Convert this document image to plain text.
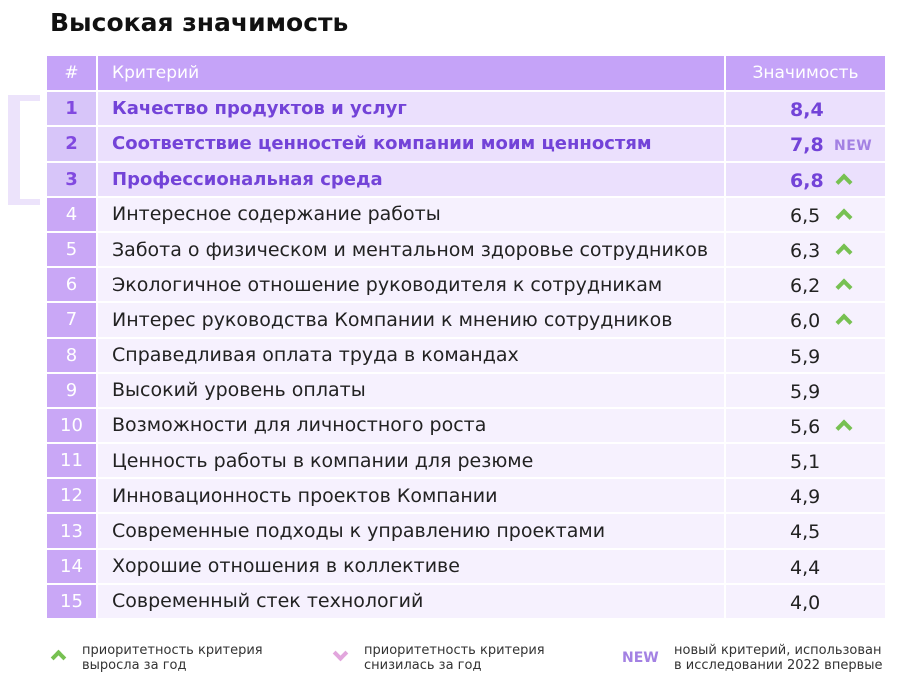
Высокая значимость
#	Критерий	Значимость
1	Качество продуктов и услуг	8,4

2	Соответствие ценностей компании моим ценностям	7,8 NEW

3	Профессиональная среда	6,8

4	Интересное содержание работы	6,5

5	Забота о физическом и ментальном здоровье сотрудников	6,3

6	Экологичное отношение руководителя к сотрудникам	6,2

7	Интерес руководства Компании к мнению сотрудников	6,0

8	Справедливая оплата труда в командах	5,9

9	Высокий уровень оплаты	5,9

10	Возможности для личностного роста	5,6

11	Ценность работы в компании для резюме	5,1

12	Инновационность проектов Компании	4,9

13	Современные подходы к управлению проектами	4,5

14	Хорошие отношения в коллективе	4,4

15	Современный стек технологий	4,0
приоритетность критерия
выросла за год
приоритетность критерия
снизилась за год	NEW новый критерий, использован
в исследовании 2022 впервые
